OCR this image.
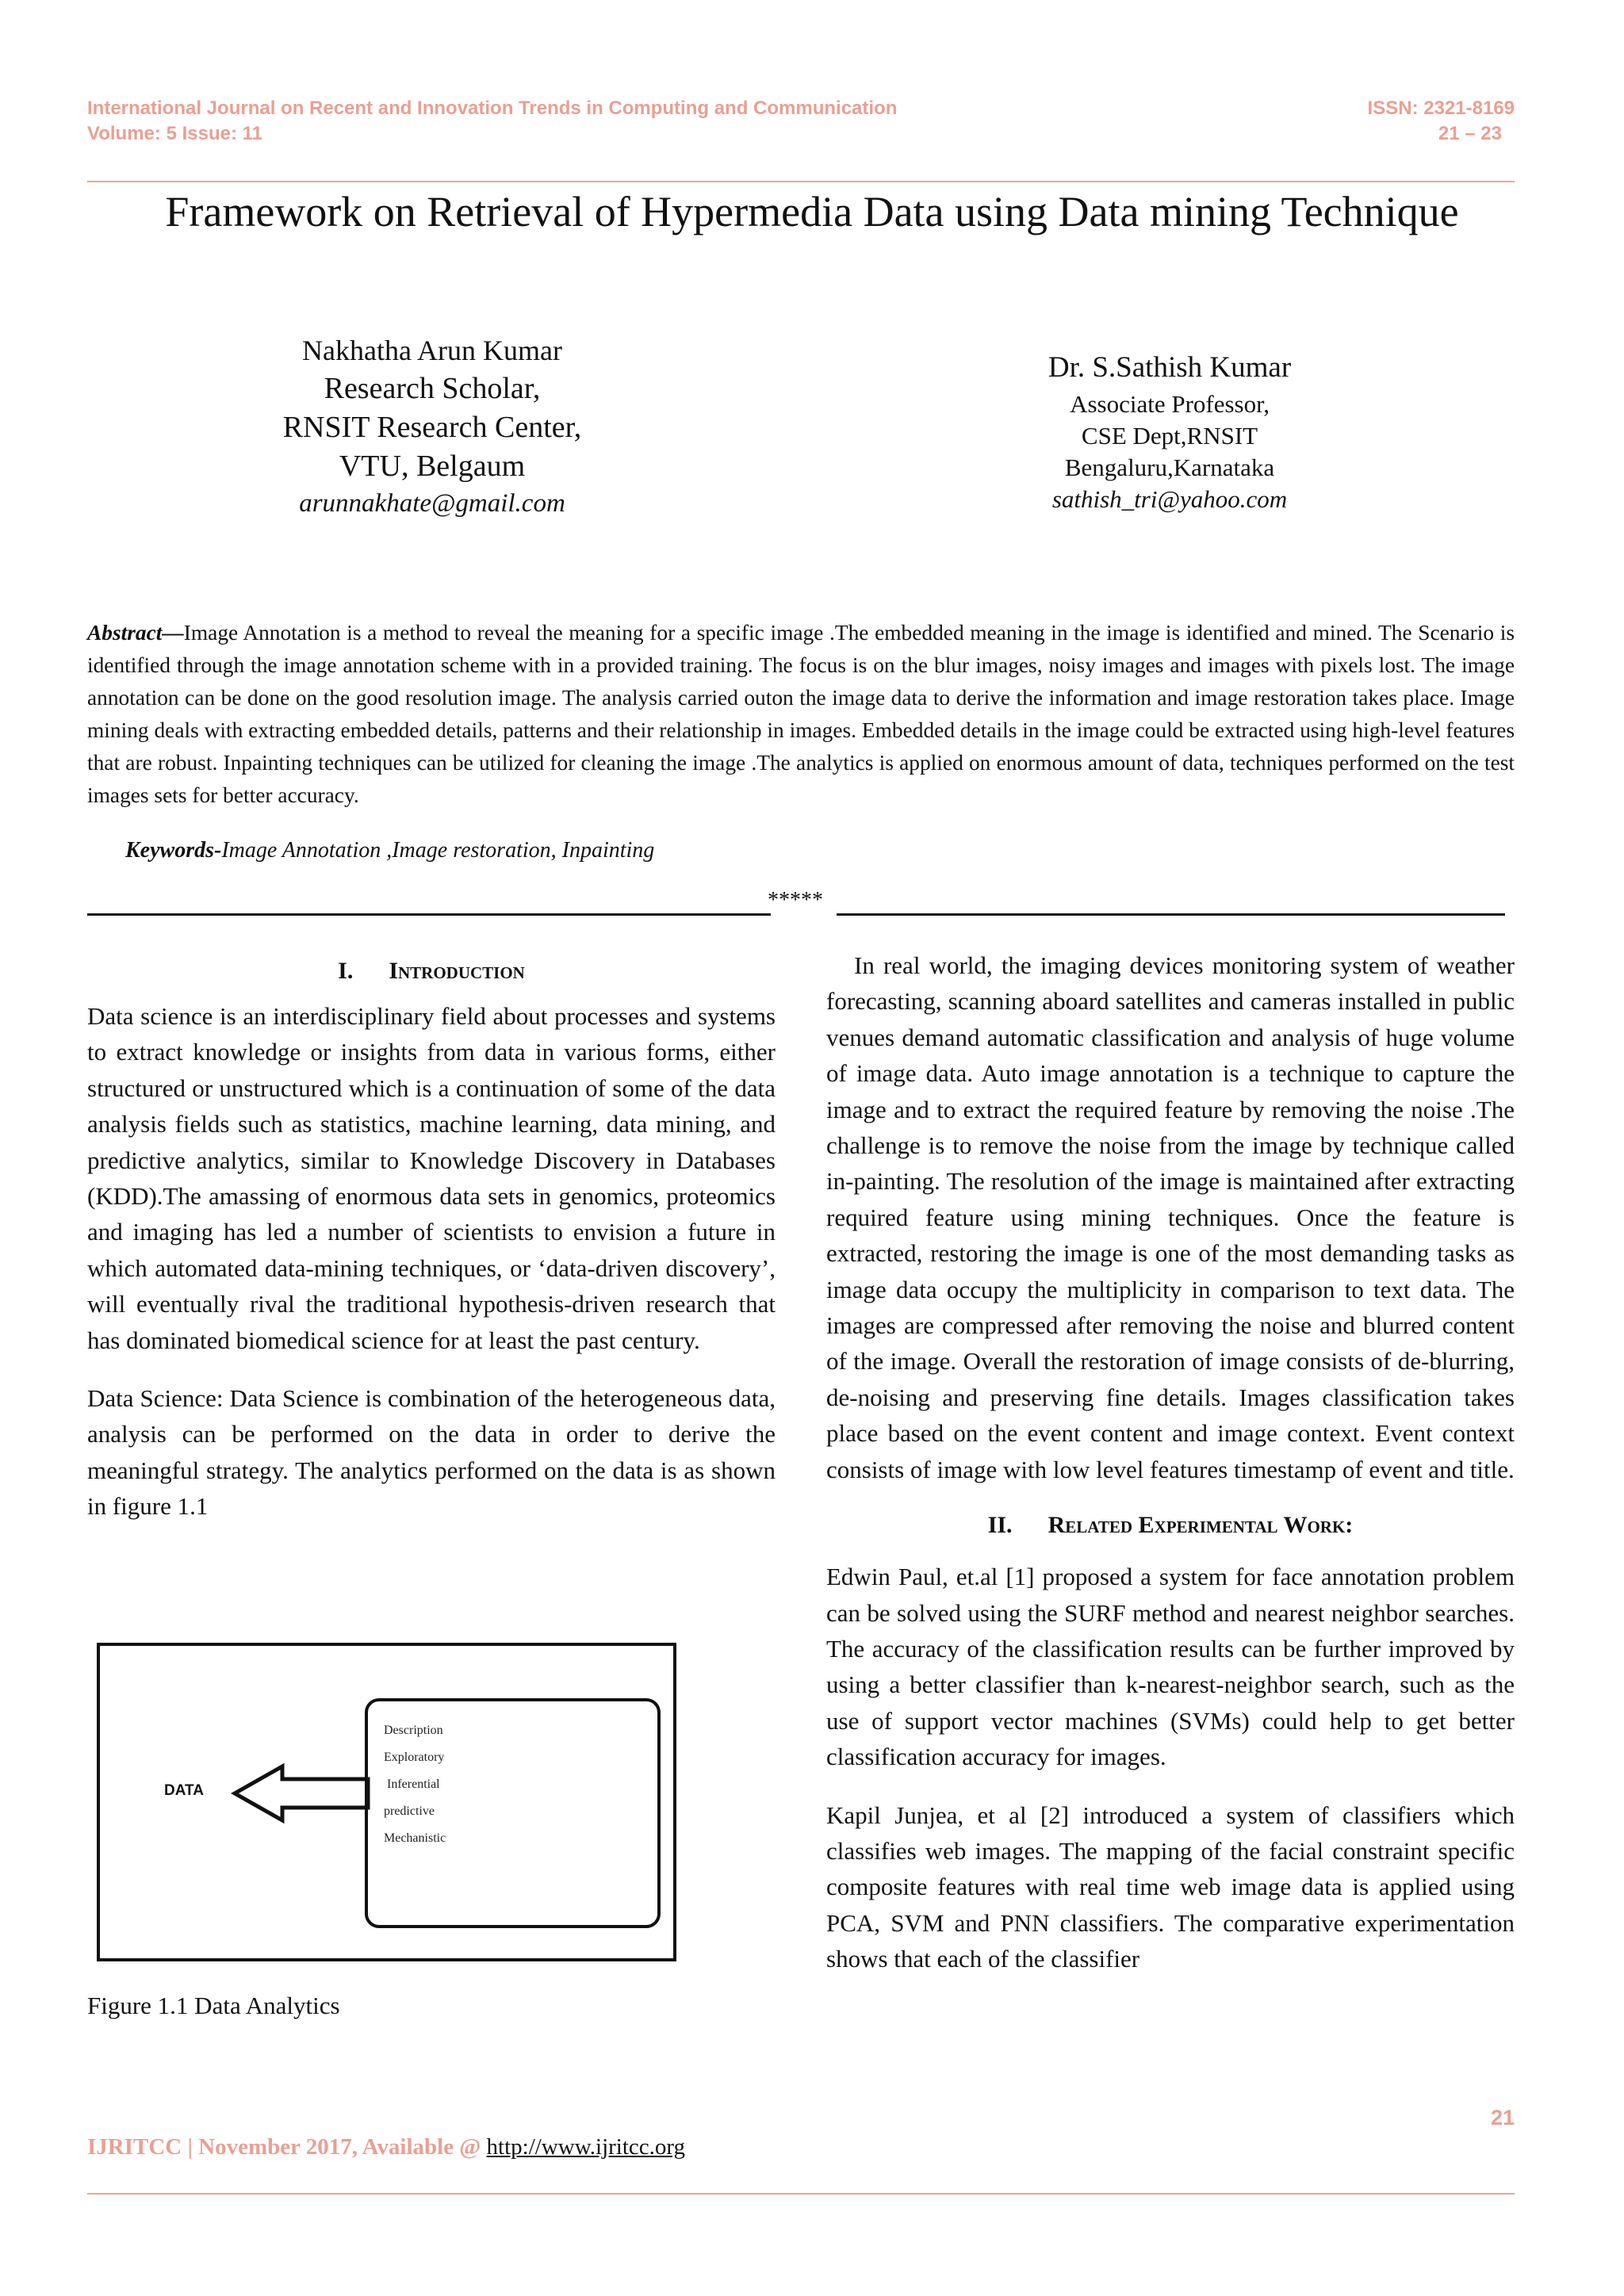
International Journal on Recent and Innovation Trends in Computing and Communication
Volume: 5 Issue: 11
ISSN: 2321-8169
21 – 23
Framework on Retrieval of Hypermedia Data using Data mining Technique
Nakhatha Arun Kumar
Research Scholar,
RNSIT Research Center,
VTU, Belgaum
arunnakhate@gmail.com
Dr. S.Sathish Kumar
Associate Professor,
CSE Dept,RNSIT
Bengaluru,Karnataka
sathish_tri@yahoo.com
Abstract—Image Annotation is a method to reveal the meaning for a specific image .The embedded meaning in the image is identified and mined. The Scenario is identified through the image annotation scheme with in a provided training. The focus is on the blur images, noisy images and images with pixels lost. The image annotation can be done on the good resolution image. The analysis carried outon the image data to derive the information and image restoration takes place. Image mining deals with extracting embedded details, patterns and their relationship in images. Embedded details in the image could be extracted using high-level features that are robust. Inpainting techniques can be utilized for cleaning the image .The analytics is applied on enormous amount of data, techniques performed on the test images sets for better accuracy.
Keywords-Image Annotation ,Image restoration, Inpainting
*****
I. Introduction

Data science is an interdisciplinary field about processes and systems to extract knowledge or insights from data in various forms, either structured or unstructured which is a continuation of some of the data analysis fields such as statistics, machine learning, data mining, and predictive analytics, similar to Knowledge Discovery in Databases (KDD).The amassing of enormous data sets in genomics, proteomics and imaging has led a number of scientists to envision a future in which automated data-mining techniques, or ‘data-driven discovery’, will eventually rival the traditional hypothesis-driven research that has dominated biomedical science for at least the past century.

Data Science: Data Science is combination of the heterogeneous data, analysis can be performed on the data in order to derive the meaningful strategy. The analytics performed on the data is as shown in figure 1.1

DATA
Description
Exploratory
Inferential
predictive
Mechanistic
Figure 1.1 Data Analytics

In real world, the imaging devices monitoring system of weather forecasting, scanning aboard satellites and cameras installed in public venues demand automatic classification and analysis of huge volume of image data. Auto image annotation is a technique to capture the image and to extract the required feature by removing the noise .The challenge is to remove the noise from the image by technique called in-painting. The resolution of the image is maintained after extracting required feature using mining techniques. Once the feature is extracted, restoring the image is one of the most demanding tasks as image data occupy the multiplicity in comparison to text data. The images are compressed after removing the noise and blurred content of the image. Overall the restoration of image consists of de-blurring, de-noising and preserving fine details. Images classification takes place based on the event content and image context. Event context consists of image with low level features timestamp of event and title.

II. Related Experimental Work:

Edwin Paul, et.al [1] proposed a system for face annotation problem can be solved using the SURF method and nearest neighbor searches. The accuracy of the classification results can be further improved by using a better classifier than k-nearest-neighbor search, such as the use of support vector machines (SVMs) could help to get better classification accuracy for images.

Kapil Junjea, et al [2] introduced a system of classifiers which classifies web images. The mapping of the facial constraint specific composite features with real time web image data is applied using PCA, SVM and PNN classifiers. The comparative experimentation shows that each of the classifier

21
IJRITCC | November 2017, Available @ http://www.ijritcc.org
